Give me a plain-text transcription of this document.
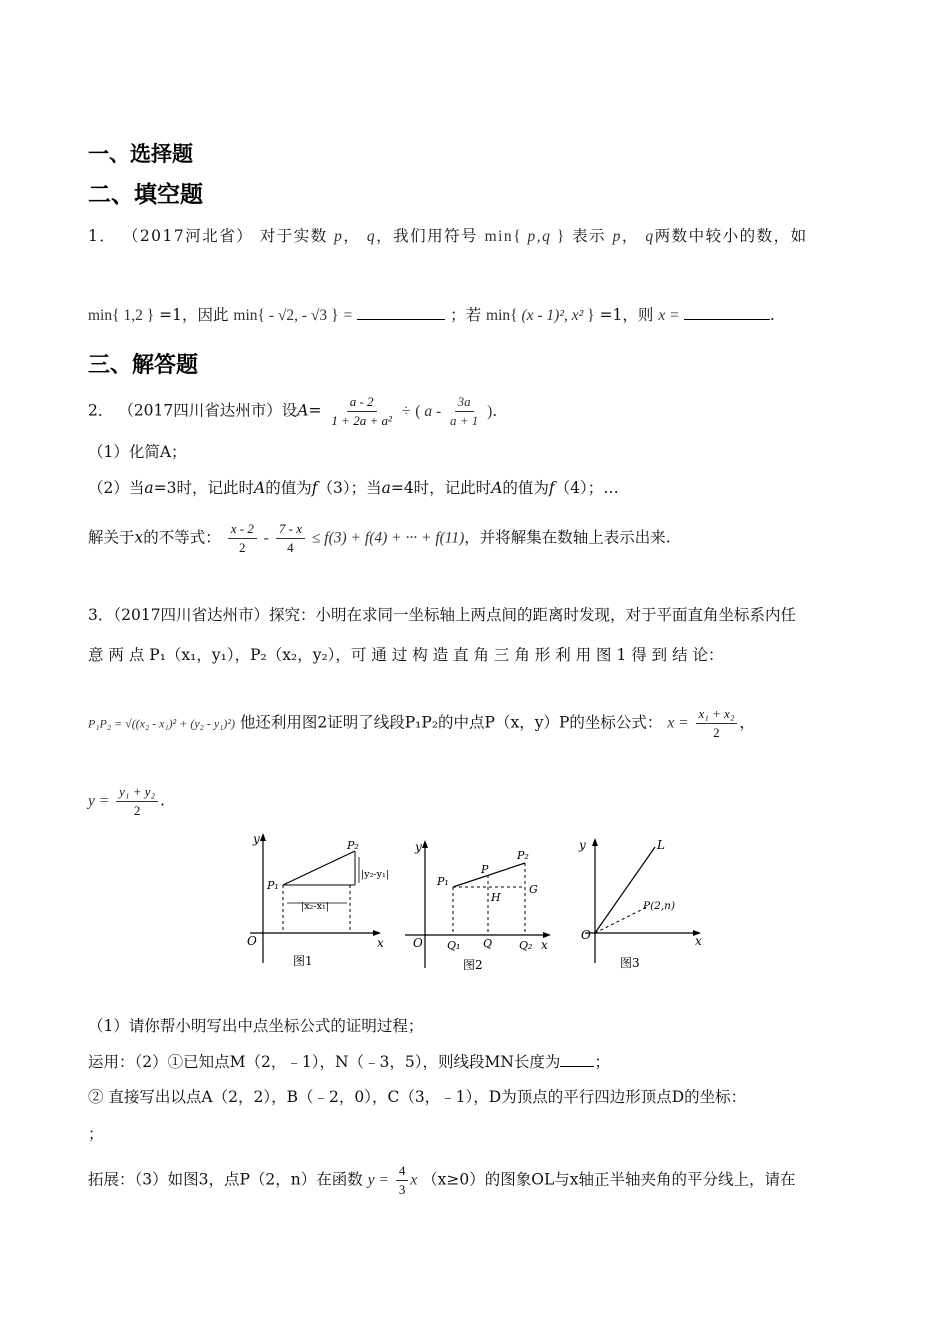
一、选择题
二、填空题
1． （2017河北省） 对于实数 p， q，我们用符号 min{ p,q } 表示 p， q两数中较小的数，如
min{ 1,2 } =1，因此 min{ - √2, - √3 } =	；若 min{ (x - 1)², x² } =1，则 x =	.
三、解答题
2． （2017四川省达州市）设$A= \frac{a - 2}{\text{1 + 2a + a²}}$ ÷ ( a - $\frac{3a}{a + 1}$ )．
（1）化简A；
（2）当a=3时，记此时A的值为f（3）；当a=4时，记此时A的值为f（4）；…
解关于x的不等式： $\frac{x - 2}{2} - \frac{7 - x}{4} \le f(3) + f(4)$ + ··· + f(11)，并将解集在数轴上表示出来.
3．（2017四川省达州市）探究：小明在求同一坐标轴上两点间的距离时发现，对于平面直角坐标系内任
意 两 点 P₁（x₁，y₁），P₂（x₂，y₂），可 通 过 构 造 直 角 三 角 形 利 用 图 1 得 到 结 论：
P₁P₂ = √((x₂ - x₁)² + (y₂ - y₁)²) 他还利用图2证明了线段P₁P₂的中点P（x，y）P的坐标公式： $x = \frac{\text{x₁ + x₂}}{2}$ ，
$y = \frac{\text{y₁ + y₂}}{2}$ .
y
x
O
P₁
P₂
|y₂-y₁|
|x₂-x₁|
图1
y
x
O
P₁
P
P₂
G
H
Q₁ Q Q₂
图2
y
x
O
L
P(2,n)
图3
（1）请你帮小明写出中点坐标公式的证明过程；
运用：（2）①已知点M（2，﹣1），N（﹣3，5），则线段MN长度为 ；
② 直接写出以点A（2，2），B（﹣2，0），C（3，﹣1），D为顶点的平行四边形顶点D的坐标：
；
拓展：（3）如图3，点P（2，n）在函数 $y = \frac{4}{3}$ x （x≥0）的图象OL与x轴正半轴夹角的平分线上，请在
